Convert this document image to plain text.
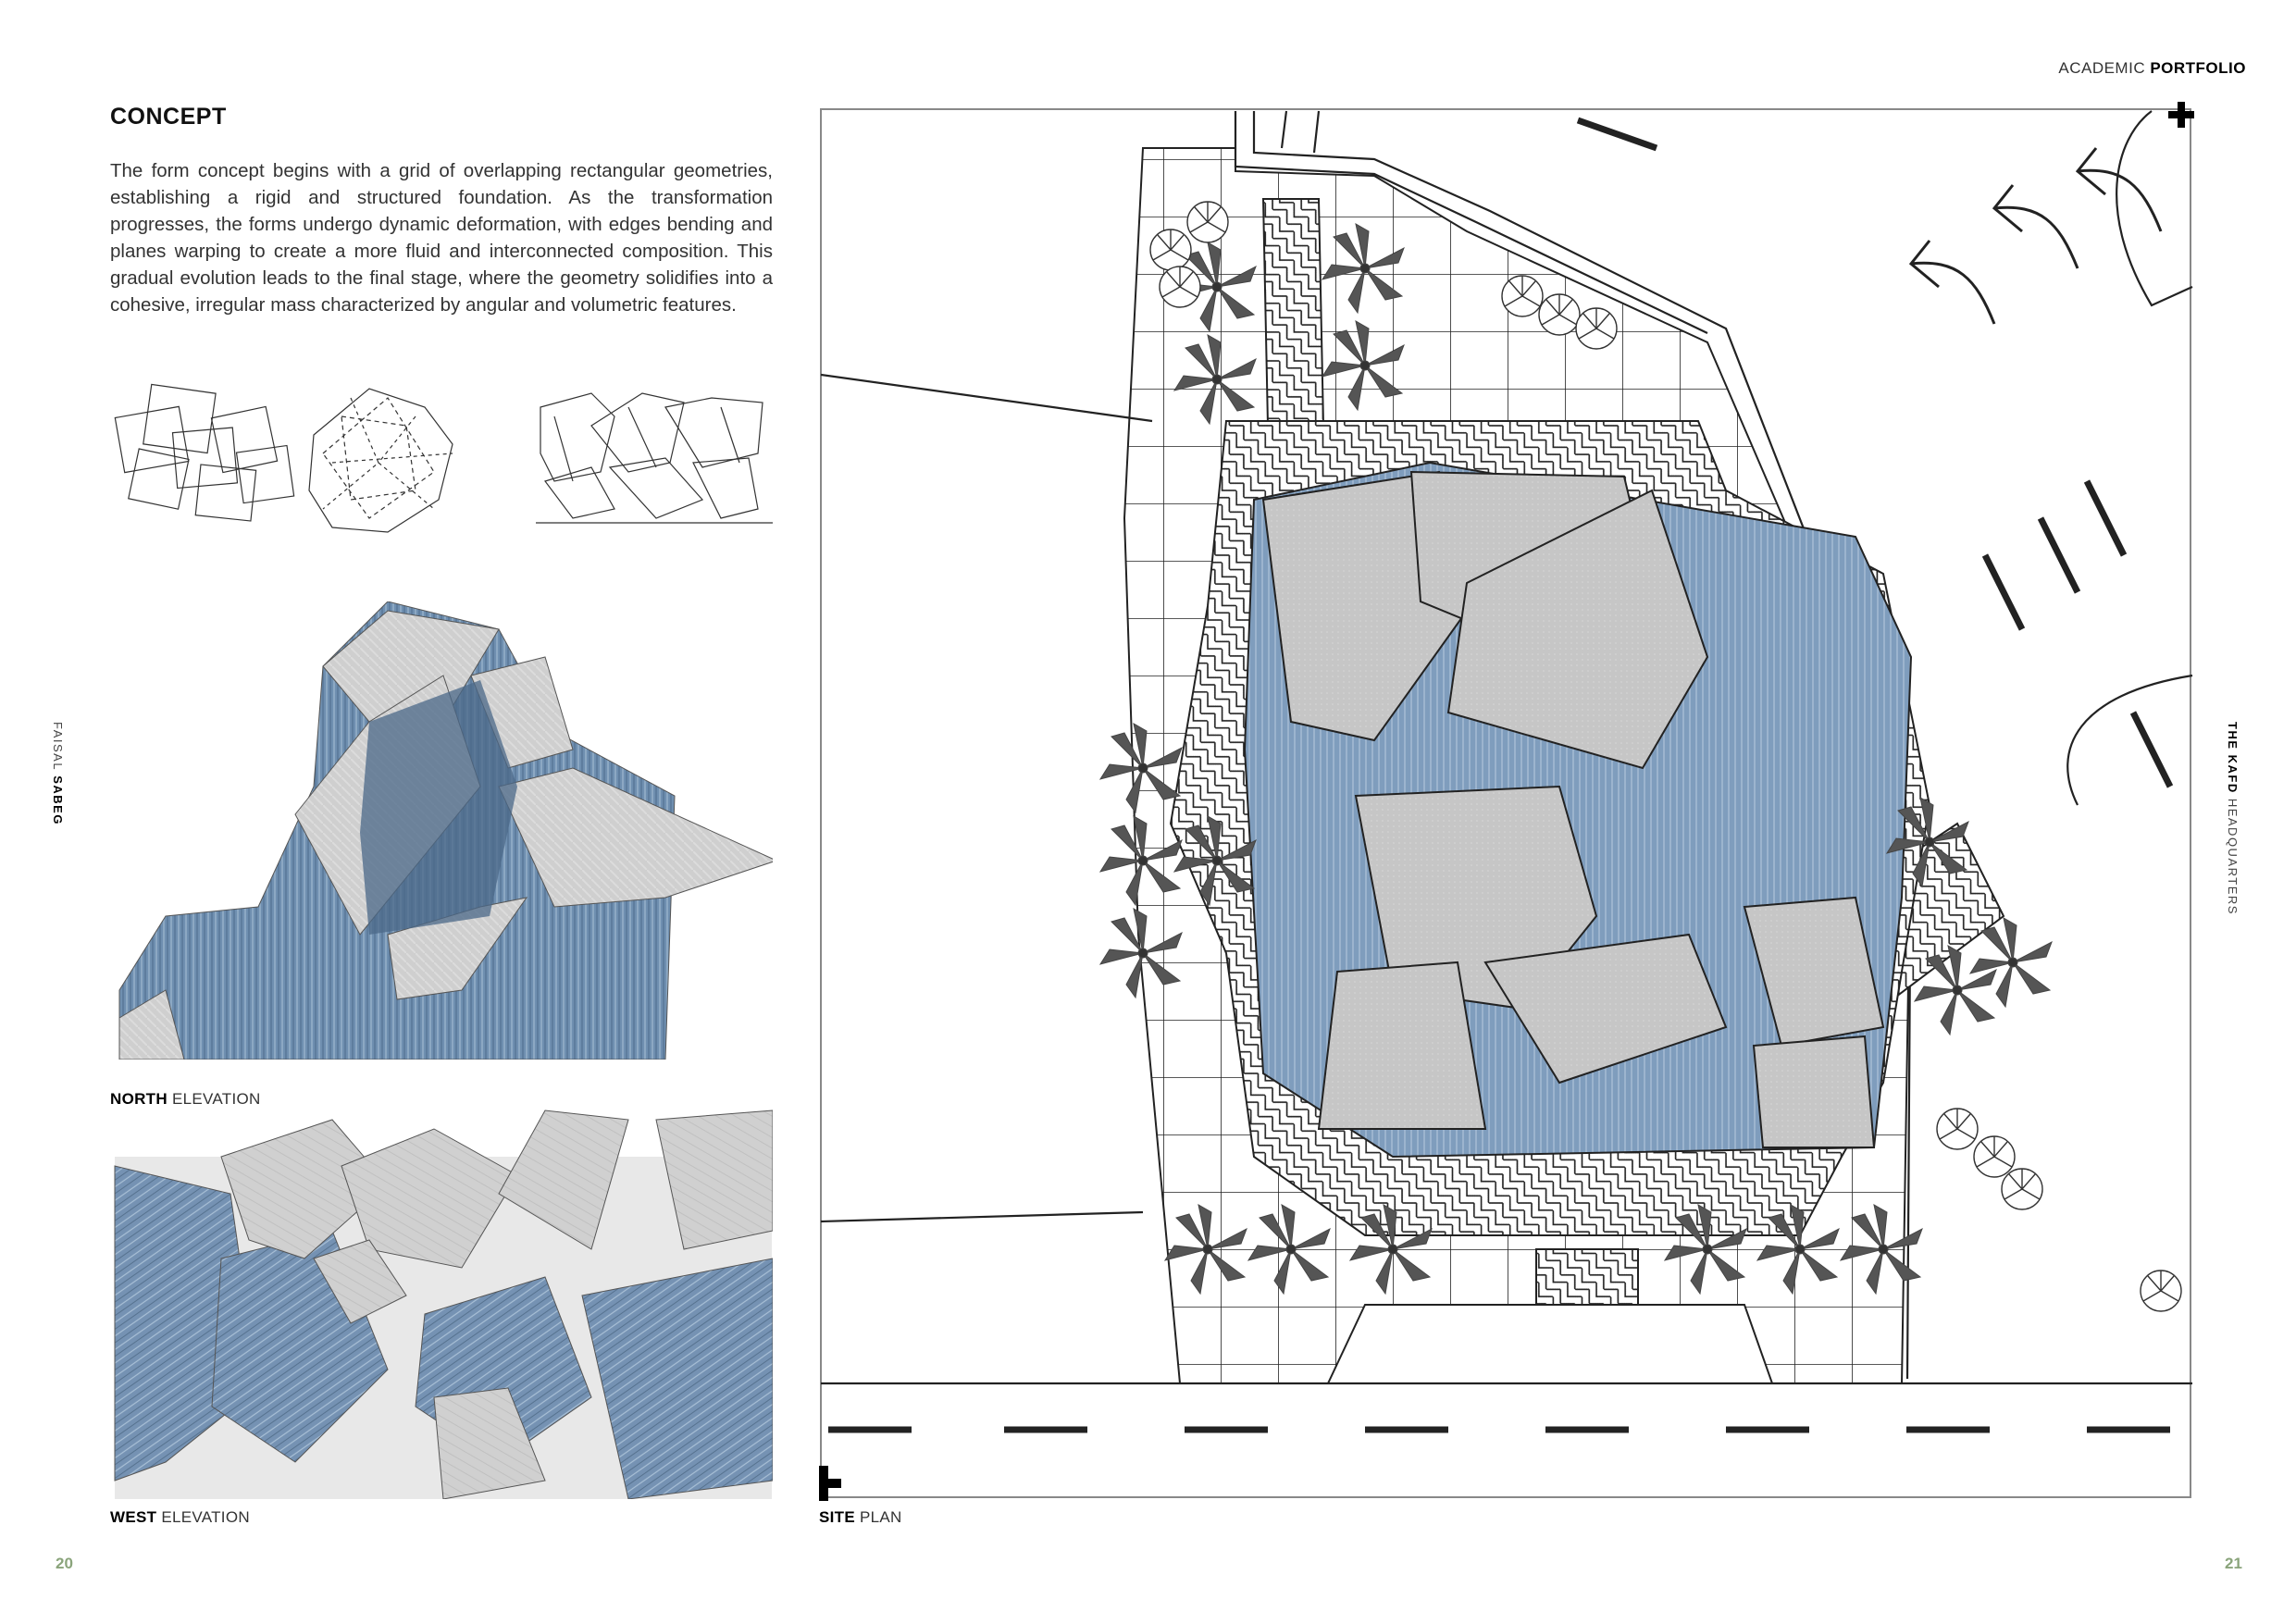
ACADEMIC PORTFOLIO
CONCEPT
The form concept begins with a grid of overlapping rectangular geometries, establishing a rigid and structured foundation. As the transformation progresses, the forms undergo dynamic deformation, with edges bending and planes warping to create a more fluid and interconnected composition. This gradual evolution leads to the final stage, where the geometry solidifies into a cohesive, irregular mass characterized by angular and volumetric features.
NORTH ELEVATION
WEST ELEVATION	SITE PLAN
FAISAL SABEG
THE KAFD HEADQUARTERS
20	21
